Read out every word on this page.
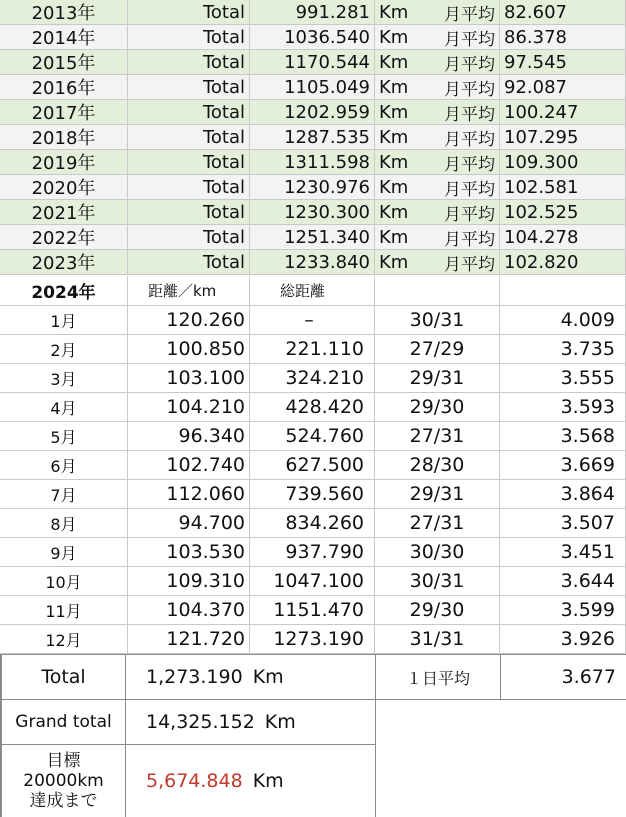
2013年	Total	991.281 Km	月平均 82.607
2014年	Total	1036.540 Km	月平均 86.378
2015年	Total	1170.544 Km	月平均 97.545
2016年	Total	1105.049 Km	月平均 92.087
2017年	Total	1202.959 Km	月平均 100.247
2018年	Total	1287.535 Km	月平均 107.295
2019年	Total	1311.598 Km	月平均 109.300
2020年	Total	1230.976 Km	月平均 102.581
2021年	Total	1230.300 Km	月平均 102.525
2022年	Total	1251.340 Km	月平均 104.278
2023年	Total	1233.840 Km	月平均 102.820
2024年	距離／km	総距離
1月	120.260	–	30/31	4.009
2月	100.850	221.110	27/29	3.735
3月	103.100	324.210	29/31	3.555
4月	104.210	428.420	29/30	3.593
5月	96.340	524.760	27/31	3.568
6月	102.740	627.500	28/30	3.669
7月	112.060	739.560	29/31	3.864
8月	94.700	834.260	27/31	3.507
9月	103.530	937.790	30/30	3.451
10月	109.310	1047.100	30/31	3.644
11月	104.370	1151.470	29/30	3.599
12月	121.720	1273.190	31/31	3.926
Total	1,273.190 Km	１日平均	3.677
Grand total	14,325.152 Km
目標
20000km
達成まで
5,674.848 Km
